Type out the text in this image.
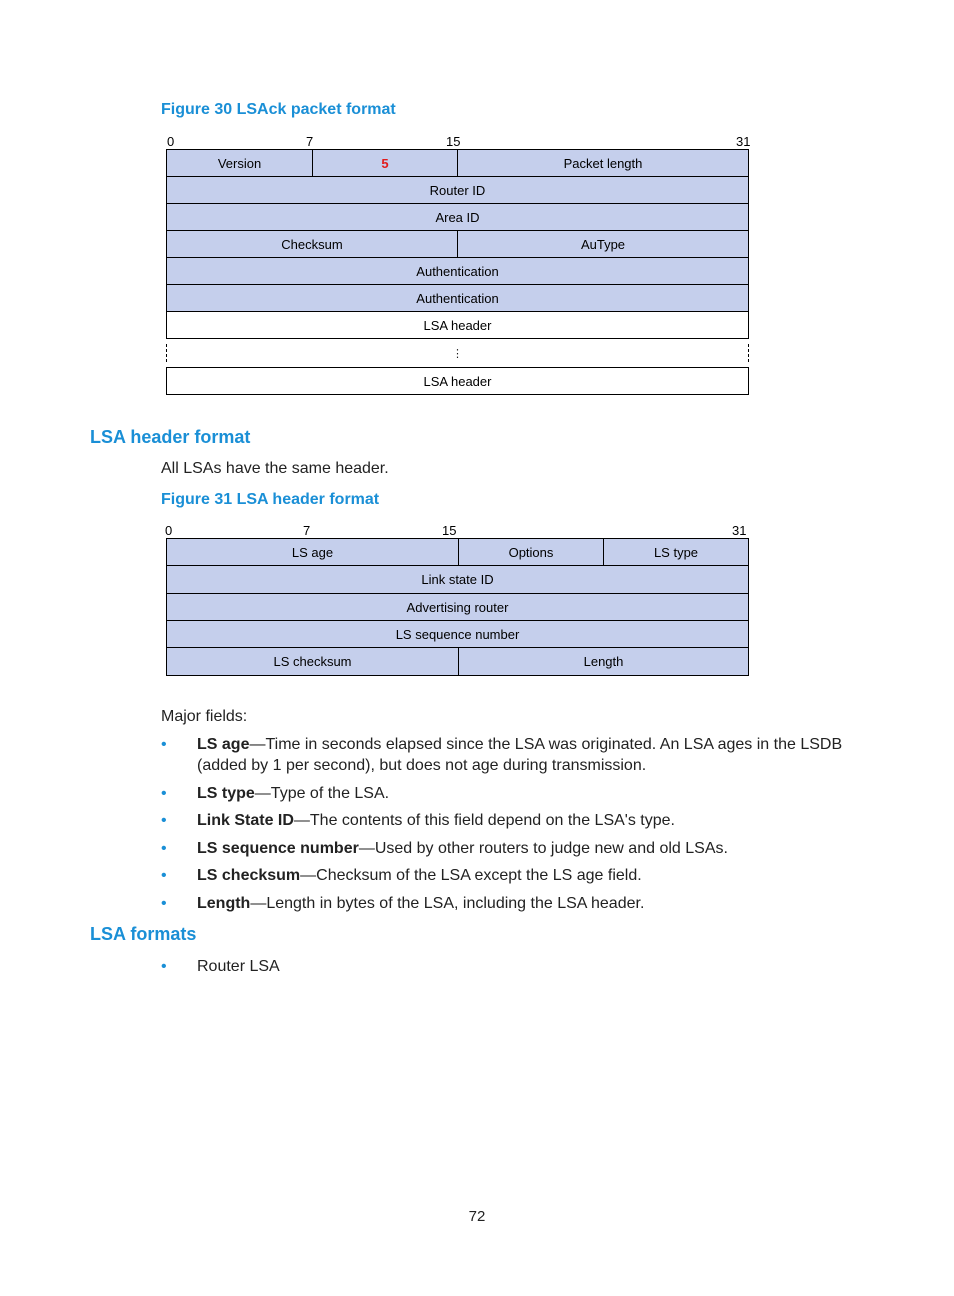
Figure 30 LSAck packet format
0	7	15	31
Version	5	Packet length
Router ID
Area ID
Checksum	AuType
Authentication
Authentication
LSA header
⋮
LSA header
LSA header format
All LSAs have the same header.
Figure 31 LSA header format
0	7	15	31
LS age	Options	LS type
Link state ID
Advertising router
LS sequence number
LS checksum	Length
Major fields:
• LS age—Time in seconds elapsed since the LSA was originated. An LSA ages in the LSDB (added by 1 per second), but does not age during transmission.
• LS type—Type of the LSA.
• Link State ID—The contents of this field depend on the LSA's type.
• LS sequence number—Used by other routers to judge new and old LSAs.
• LS checksum—Checksum of the LSA except the LS age field.
• Length—Length in bytes of the LSA, including the LSA header.
LSA formats
• Router LSA
72
